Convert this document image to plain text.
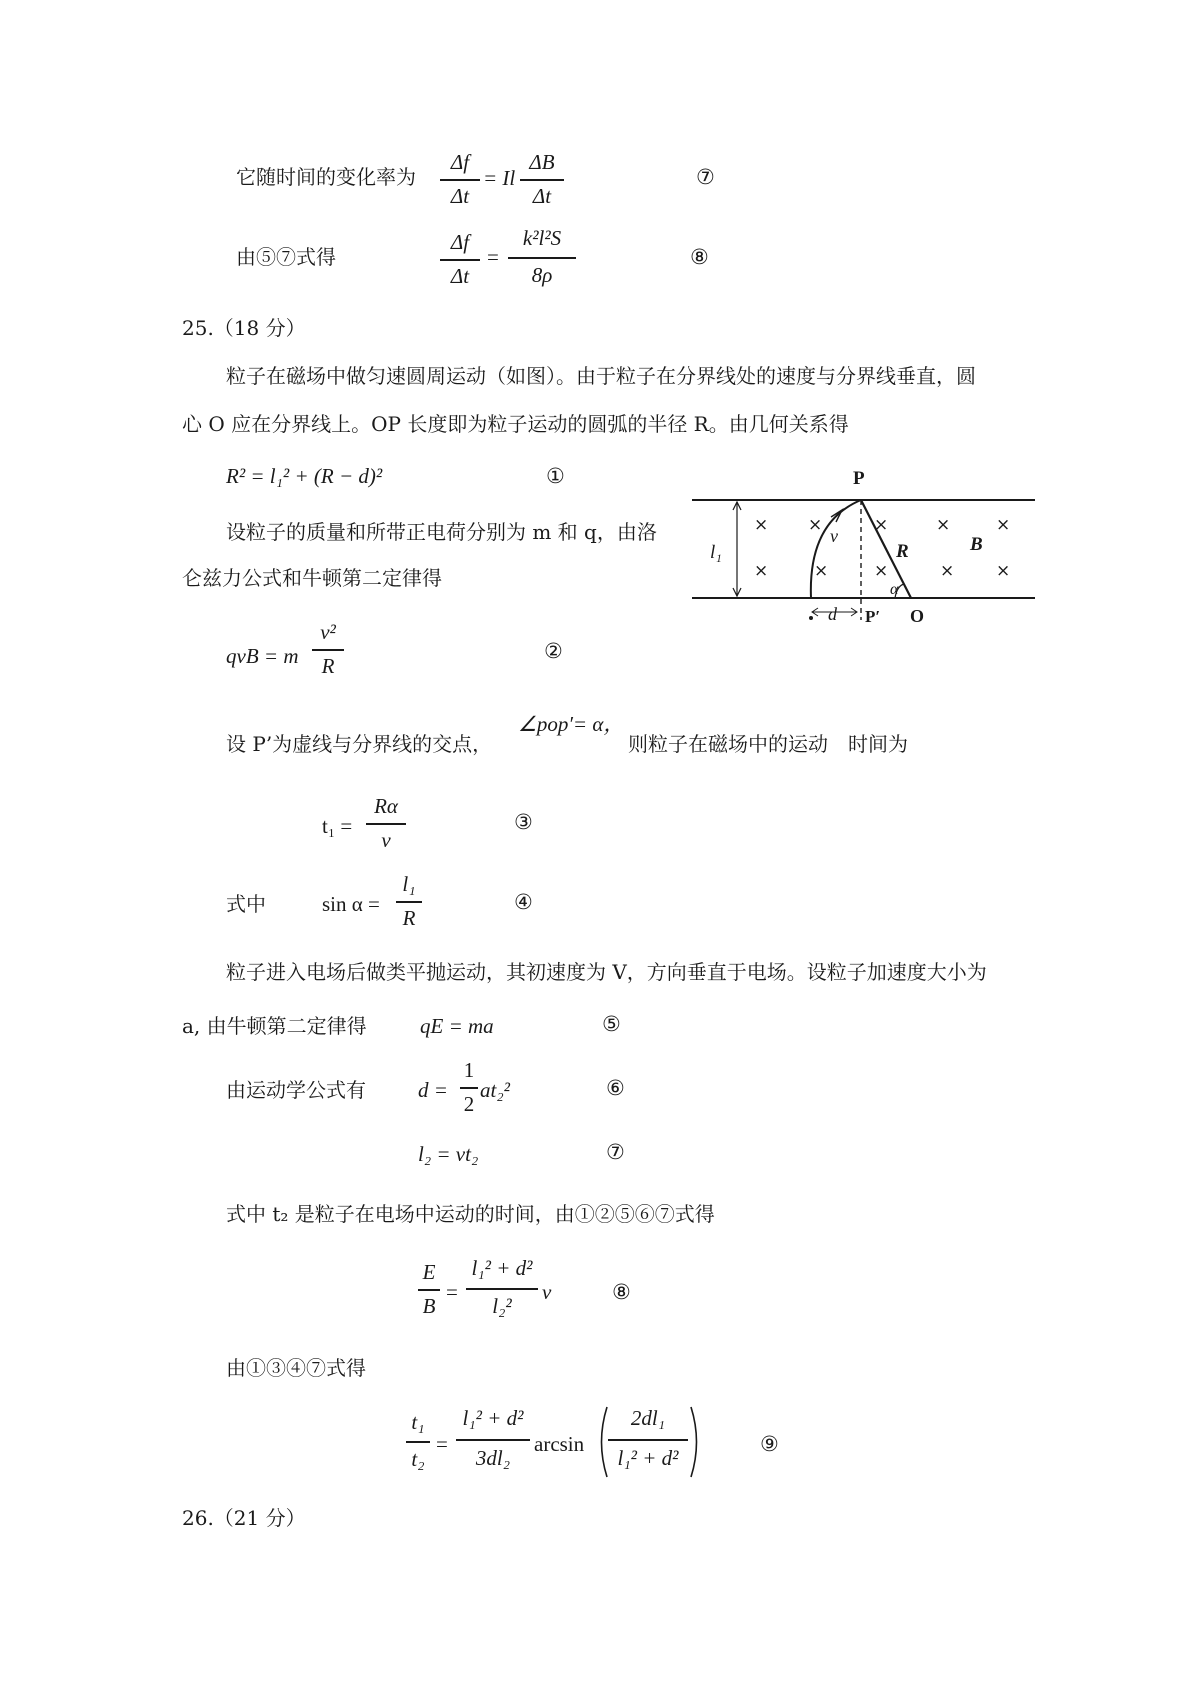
它随时间的变化率为
Δf
Δt
= Il
ΔB
Δt
⑦
由⑤⑦式得
Δf
Δt
=
k²l²S
8ρ
⑧
25.（18 分）
粒子在磁场中做匀速圆周运动（如图）。由于粒子在分界线处的速度与分界线垂直，圆
心 O 应在分界线上。OP 长度即为粒子运动的圆弧的半径 R。由几何关系得
R² = l₁² + (R − d)²	①
设粒子的质量和所带正电荷分别为 m 和 q，由洛
仑兹力公式和牛顿第二定律得
qvB = m
v²
R
②
设 P’为虚线与分界线的交点，
∠pop′= α，
则粒子在磁场中的运动　时间为
t₁ =
Rα
v
③
式中	sin α =
l₁
R
④
粒子进入电场后做类平抛运动，其初速度为 V，方向垂直于电场。设粒子加速度大小为
a, 由牛顿第二定律得	qE = ma	⑤
由运动学公式有 d =
1
2
at₂²	⑥
l₂ = vt₂	⑦
式中 t₂ 是粒子在电场中运动的时间，由①②⑤⑥⑦式得
E
B
=
l₁² + d²
l₂²
v	⑧
由①③④⑦式得
t₁
t₂
=
l₁² + d²
3dl₂
arcsin
2dl₁
l₁² + d²
⑨
26.（21 分）
P
l₁
v
R	B
α
d P′ O
× ×	×	×	×
×	×	×	× ×
